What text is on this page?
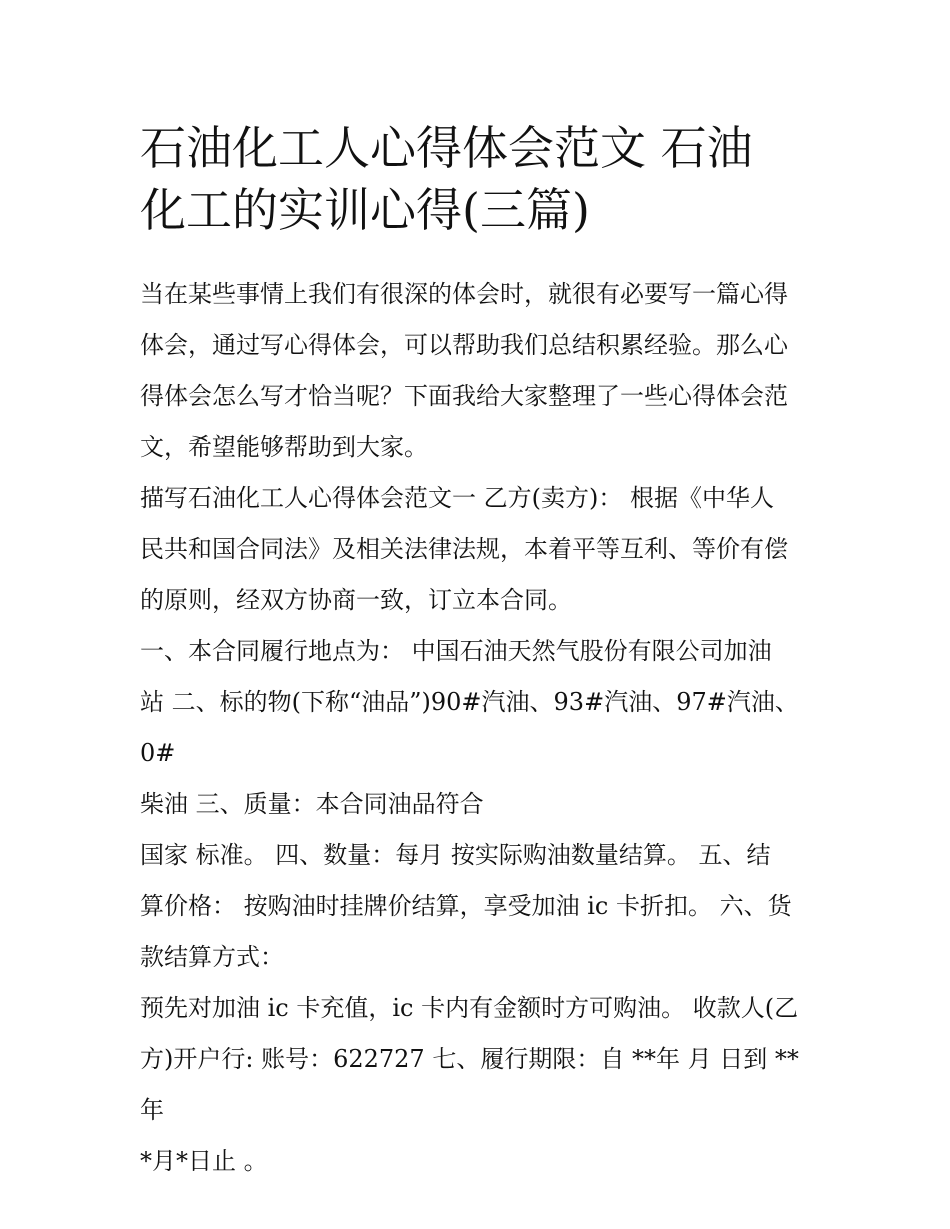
石油化工人心得体会范文 石油
化工的实训心得(三篇)

当在某些事情上我们有很深的体会时，就很有必要写一篇心得
体会，通过写心得体会，可以帮助我们总结积累经验。那么心
得体会怎么写才恰当呢？下面我给大家整理了一些心得体会范
文，希望能够帮助到大家。

描写石油化工人心得体会范文一 乙方(卖方)： 根据《中华人
民共和国合同法》及相关法律法规，本着平等互利、等价有偿
的原则，经双方协商一致，订立本合同。

一、本合同履行地点为： 中国石油天然气股份有限公司加油
站 二、标的物(下称“油品”)90#汽油、93#汽油、97#汽油、0#
柴油 三、质量：本合同油品符合

国家 标准。 四、数量：每月 按实际购油数量结算。 五、结
算价格： 按购油时挂牌价结算，享受加油 ic 卡折扣。 六、货
款结算方式：

预先对加油 ic 卡充值，ic 卡内有金额时方可购油。 收款人(乙
方)开户行: 账号：622727 七、履行期限：自 **年 月 日到 **年
*月*日止 。
